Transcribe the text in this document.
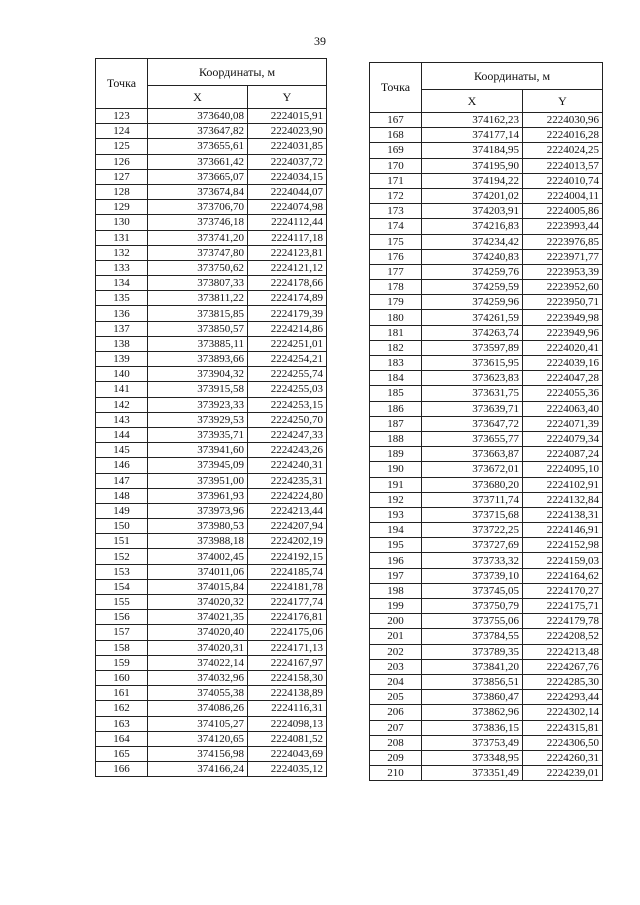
39
Точка	Координаты, м	
	X	Y
123	373640,08	2224015,91
124	373647,82	2224023,90
125	373655,61	2224031,85
126	373661,42	2224037,72
127	373665,07	2224034,15
128	373674,84	2224044,07
129	373706,70	2224074,98
130	373746,18	2224112,44
131	373741,20	2224117,18
132	373747,80	2224123,81
133	373750,62	2224121,12
134	373807,33	2224178,66
135	373811,22	2224174,89
136	373815,85	2224179,39
137	373850,57	2224214,86
138	373885,11	2224251,01
139	373893,66	2224254,21
140	373904,32	2224255,74
141	373915,58	2224255,03
142	373923,33	2224253,15
143	373929,53	2224250,70
144	373935,71	2224247,33
145	373941,60	2224243,26
146	373945,09	2224240,31
147	373951,00	2224235,31
148	373961,93	2224224,80
149	373973,96	2224213,44
150	373980,53	2224207,94
151	373988,18	2224202,19
152	374002,45	2224192,15
153	374011,06	2224185,74
154	374015,84	2224181,78
155	374020,32	2224177,74
156	374021,35	2224176,81
157	374020,40	2224175,06
158	374020,31	2224171,13
159	374022,14	2224167,97
160	374032,96	2224158,30
161	374055,38	2224138,89
162	374086,26	2224116,31
163	374105,27	2224098,13
164	374120,65	2224081,52
165	374156,98	2224043,69
166	374166,24	2224035,12
Точка	Координаты, м	
	X	Y
167	374162,23	2224030,96
168	374177,14	2224016,28
169	374184,95	2224024,25
170	374195,90	2224013,57
171	374194,22	2224010,74
172	374201,02	2224004,11
173	374203,91	2224005,86
174	374216,83	2223993,44
175	374234,42	2223976,85
176	374240,83	2223971,77
177	374259,76	2223953,39
178	374259,59	2223952,60
179	374259,96	2223950,71
180	374261,59	2223949,98
181	374263,74	2223949,96
182	373597,89	2224020,41
183	373615,95	2224039,16
184	373623,83	2224047,28
185	373631,75	2224055,36
186	373639,71	2224063,40
187	373647,72	2224071,39
188	373655,77	2224079,34
189	373663,87	2224087,24
190	373672,01	2224095,10
191	373680,20	2224102,91
192	373711,74	2224132,84
193	373715,68	2224138,31
194	373722,25	2224146,91
195	373727,69	2224152,98
196	373733,32	2224159,03
197	373739,10	2224164,62
198	373745,05	2224170,27
199	373750,79	2224175,71
200	373755,06	2224179,78
201	373784,55	2224208,52
202	373789,35	2224213,48
203	373841,20	2224267,76
204	373856,51	2224285,30
205	373860,47	2224293,44
206	373862,96	2224302,14
207	373836,15	2224315,81
208	373753,49	2224306,50
209	373348,95	2224260,31
210	373351,49	2224239,01
